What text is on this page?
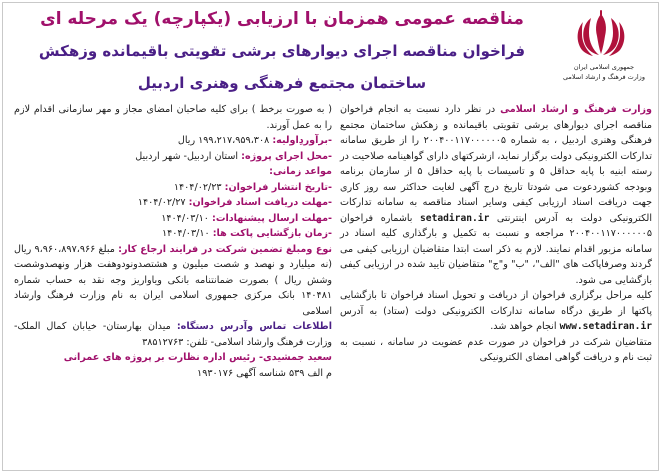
مناقصه عمومی همزمان با ارزیابی (یکپارچه) یک مرحله ای
فراخوان مناقصه اجرای دیوارهای برشی تقویتی باقیمانده وزهکش
ساختمان مجتمع فرهنگی وهنری اردبیل
جمهوری اسلامی ایران
وزارت فرهنگ و ارشاد اسلامی

وزارت فرهنگ و ارشاد اسلامی در نظر دارد نسبت به انجام فراخوان مناقصه اجرای دیوارهای برشی تقویتی باقیمانده و زهکش ساختمان مجتمع فرهنگی وهنری اردبیل ، به شماره ۲۰۰۴۰۰۱۱۷۰۰۰۰۰۰۵ را از طریق سامانه تدارکات الکترونیکی دولت برگزار نماید، ازشرکتهای دارای گواهینامه صلاحیت در رسته ابنیه با پایه حداقل ۵ و تاسیسات با پایه حداقل ۵ از سازمان برنامه وبودجه کشوردعوت می شودتا تاریخ درج آگهی لغایت حداکثر سه روز کاری جهت دریافت اسناد ارزیابی کیفی وسایر اسناد مناقصه به سامانه تدارکات الکترونیکی دولت به آدرس اینترنتی setadiran.ir باشماره فراخوان ۲۰۰۴۰۰۱۱۷۰۰۰۰۰۰۵ مراجعه و نسبت به تکمیل و بارگذاری کلیه اسناد در سامانه مزبور اقدام نمایند. لازم به ذکر است ابتدا متقاضیان ارزیابی کیفی می گردند وصرفاپاکت های "الف"، "ب" و"ج" متقاضیان تایید شده در ارزیابی کیفی بازگشایی می شود.

کلیه مراحل برگزاری فراخوان از دریافت و تحویل اسناد فراخوان تا بازگشایی پاکتها از طریق درگاه سامانه تدارکات الکترونیکی دولت (ستاد) به آدرس www.setadiran.ir انجام خواهد شد.

متقاضیان شرکت در فراخوان در صورت عدم عضویت در سامانه ، نسبت به ثبت نام و دریافت گواهی امضای الکترونیکی

( به صورت برخط ) برای کلیه صاحبان امضای مجاز و مهر سازمانی اقدام لازم را به عمل آورند.

-برآوردِاولیه: ۱۹۹،۲۱۷،۹۵۹،۳۰۸ ریال
-محل اجرای پروژه: استان اردبیل- شهر اردبیل
مواعد زمانی:
-تاریخ انتشار فراخوان: ۱۴۰۴/۰۲/۲۳
-مهلت دریافت اسناد فراخوان: ۱۴۰۴/۰۲/۲۷
-مهلت ارسال پیشنهادات: ۱۴۰۴/۰۳/۱۰
-زمان بازگشایی پاکت ها: ۱۴۰۴/۰۳/۱۰

نوع ومبلغ تضمین شرکت در فرایند ارجاع کار: مبلغ ۹،۹۶۰،۸۹۷،۹۶۶ ریال (نه میلیارد و نهصد و شصت میلیون و هشتصدونودوهفت هزار ونهصدوشصت وشش ریال ) بصورت ضمانتنامه بانکی ویاواریز وجه نقد به حساب شماره ۱۴۰۴۸۱ بانک مرکزی جمهوری اسلامی ایران به نام وزارت فرهنگ وارشاد اسلامی

اطلاعات تماس وآدرس دستگاه: میدان بهارستان- خیابان کمال الملک- وزارت فرهنگ وارشاد اسلامی- تلفن: ۳۸۵۱۲۷۶۳

سعید جمشیدی- رئیس اداره نظارت بر پروژه های عمرانی
م الف ۵۳۹ شناسه آگهی ۱۹۳۰۱۷۶
